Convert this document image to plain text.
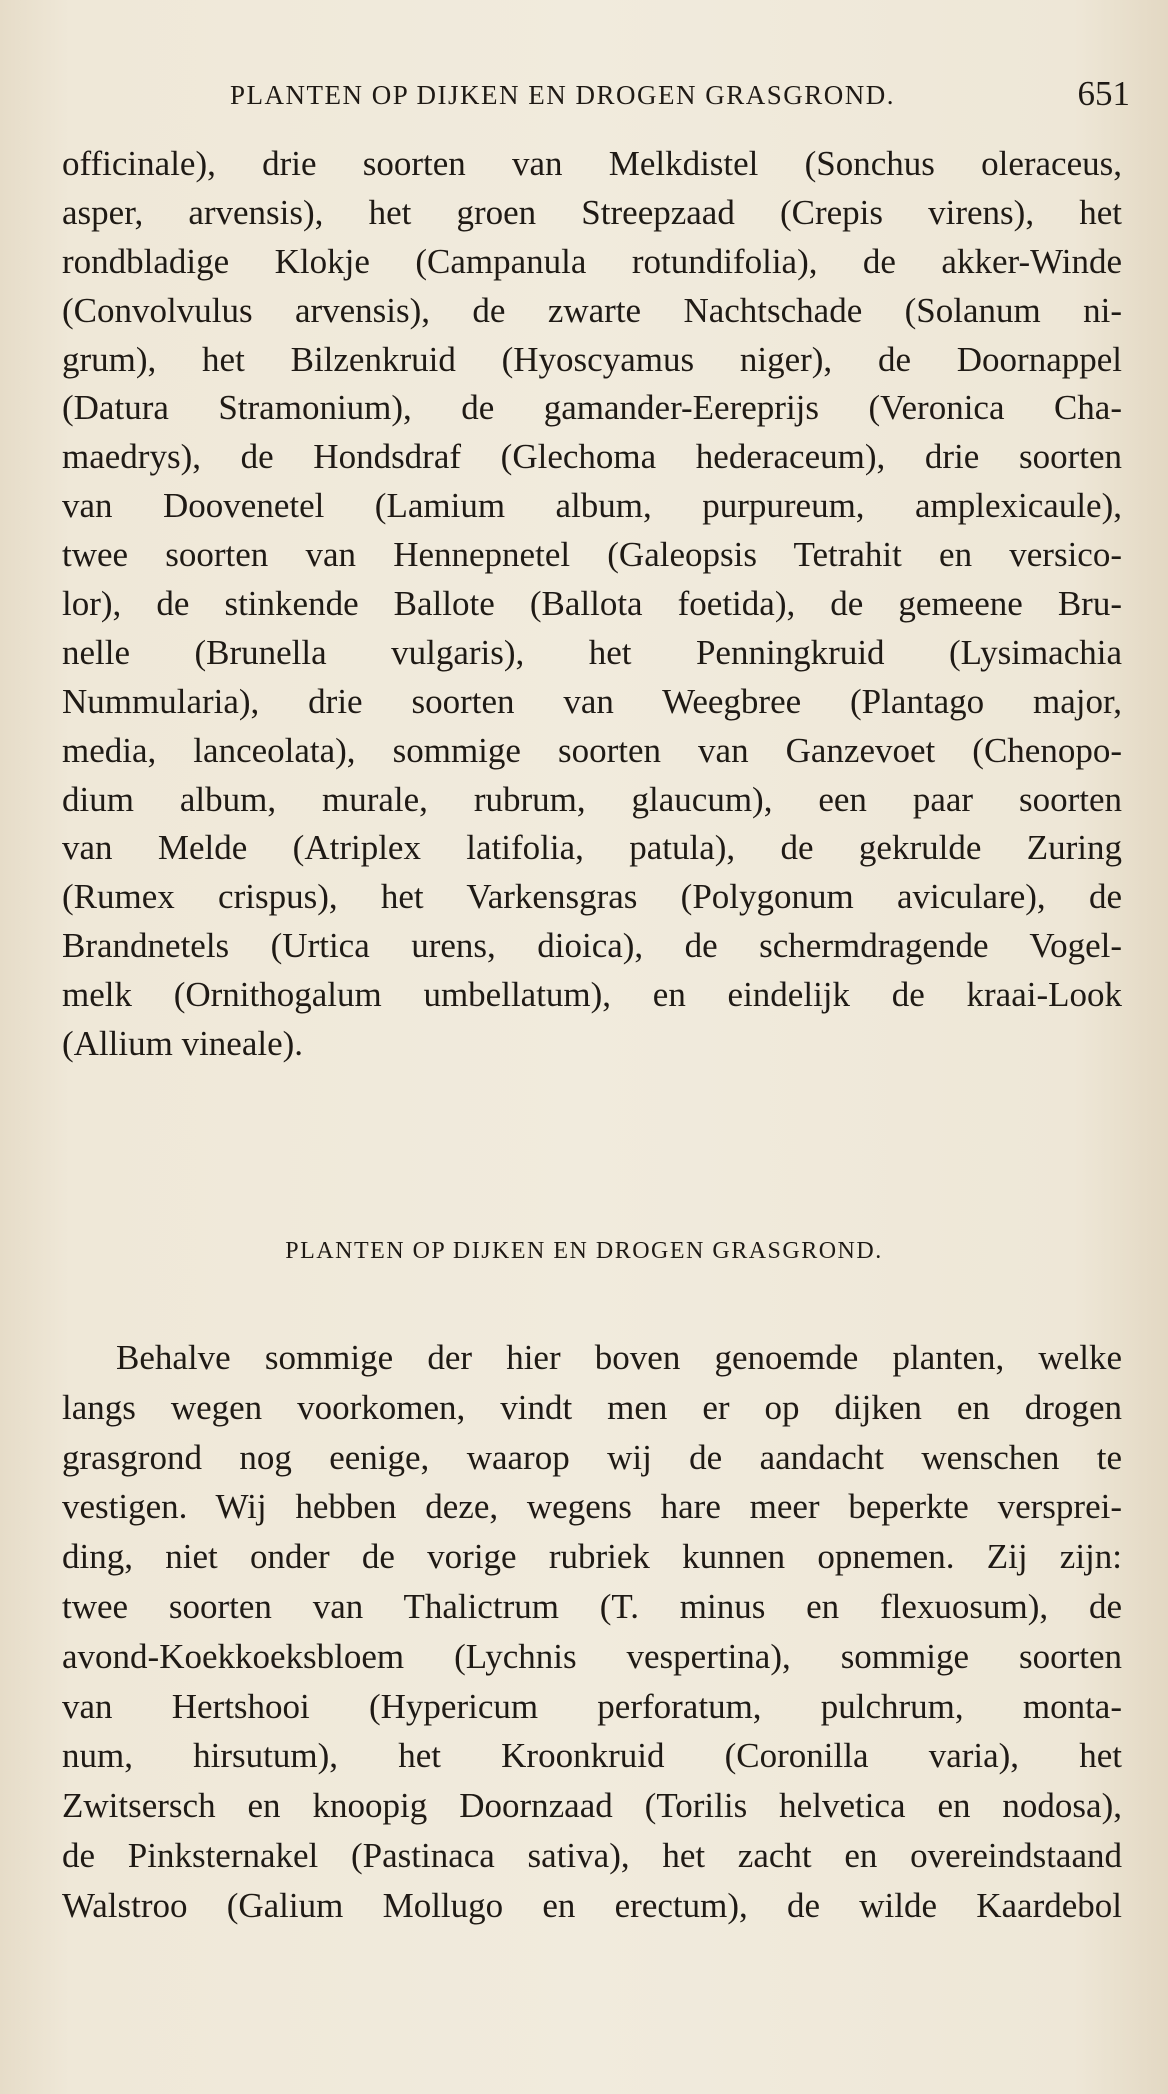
PLANTEN OP DIJKEN EN DROGEN GRASGROND.	651
officinale), drie soorten van Melkdistel (Sonchus oleraceus,
asper, arvensis), het groen Streepzaad (Crepis virens), het
rondbladige Klokje (Campanula rotundifolia), de akker-Winde
(Convolvulus arvensis), de zwarte Nachtschade (Solanum ni-
grum), het Bilzenkruid (Hyoscyamus niger), de Doornappel
(Datura Stramonium), de gamander-Eereprijs (Veronica Cha-
maedrys), de Hondsdraf (Glechoma hederaceum), drie soorten
van Doovenetel (Lamium album, purpureum, amplexicaule),
twee soorten van Hennepnetel (Galeopsis Tetrahit en versico-
lor), de stinkende Ballote (Ballota foetida), de gemeene Bru-
nelle (Brunella vulgaris), het Penningkruid (Lysimachia
Nummularia), drie soorten van Weegbree (Plantago major,
media, lanceolata), sommige soorten van Ganzevoet (Chenopo-
dium album, murale, rubrum, glaucum), een paar soorten
van Melde (Atriplex latifolia, patula), de gekrulde Zuring
(Rumex crispus), het Varkensgras (Polygonum aviculare), de
Brandnetels (Urtica urens, dioica), de schermdragende Vogel-
melk (Ornithogalum umbellatum), en eindelijk de kraai-Look
(Allium vineale).
PLANTEN OP DIJKEN EN DROGEN GRASGROND.
Behalve sommige der hier boven genoemde planten, welke
langs wegen voorkomen, vindt men er op dijken en drogen
grasgrond nog eenige, waarop wij de aandacht wenschen te
vestigen. Wij hebben deze, wegens hare meer beperkte versprei-
ding, niet onder de vorige rubriek kunnen opnemen. Zij zijn:
twee soorten van Thalictrum (T. minus en flexuosum), de
avond-Koekkoeksbloem (Lychnis vespertina), sommige soorten
van Hertshooi (Hypericum perforatum, pulchrum, monta-
num, hirsutum), het Kroonkruid (Coronilla varia), het
Zwitsersch en knoopig Doornzaad (Torilis helvetica en nodosa),
de Pinksternakel (Pastinaca sativa), het zacht en overeindstaand
Walstroo (Galium Mollugo en erectum), de wilde Kaardebol
